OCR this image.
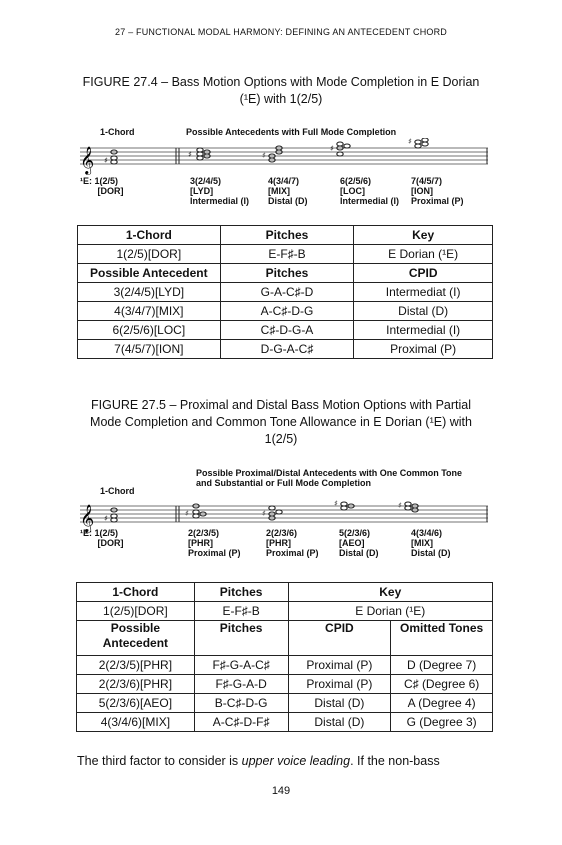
27 – FUNCTIONAL MODAL HARMONY: DEFINING AN ANTECEDENT CHORD
FIGURE 27.4 – Bass Motion Options with Mode Completion in E Dorian
(¹E) with 1(2/5)
1-Chord	Possible Antecedents with Full Mode Completion
𝄞 ♯
♯	♯
♯
♯
¹E: 1(2/5)
[DOR]
3(2/4/5)
[LYD]
Intermedial (I)
4(3/4/7)
[MIX]
Distal (D)
6(2/5/6)
[LOC]
Intermedial (I)
7(4/5/7)
[ION]
Proximal (P)
1-Chord	Pitches	Key
1(2/5)[DOR]	E-F♯-B	E Dorian (¹E)
Possible Antecedent	Pitches	CPID
3(2/4/5)[LYD]	G-A-C♯-D	Intermediat (I)
4(3/4/7)[MIX]	A-C♯-D-G	Distal (D)
6(2/5/6)[LOC]	C♯-D-G-A	Intermedial (I)
7(4/5/7)[ION]	D-G-A-C♯	Proximal (P)
FIGURE 27.5 – Proximal and Distal Bass Motion Options with Partial
Mode Completion and Common Tone Allowance in E Dorian (¹E) with
1(2/5)
Possible Proximal/Distal Antecedents with One Common Tone
and Substantial or Full Mode Completion
1-Chord
𝄞 ♯
♯	♯
♯	♯
¹E: 1(2/5)
[DOR]
2(2/3/5)
[PHR]
Proximal (P)
2(2/3/6)
[PHR]
Proximal (P)
5(2/3/6)
[AEO]
Distal (D)
4(3/4/6)
[MIX]
Distal (D)
1-Chord	Pitches	Key	
1(2/5)[DOR]	E-F♯-B	E Dorian (¹E)	
Possible Antecedent	Pitches	CPID	Omitted Tones
2(2/3/5)[PHR]	F♯-G-A-C♯	Proximal (P)	D (Degree 7)
2(2/3/6)[PHR]	F♯-G-A-D	Proximal (P)	C♯ (Degree 6)
5(2/3/6)[AEO]	B-C♯-D-G	Distal (D)	A (Degree 4)
4(3/4/6)[MIX]	A-C♯-D-F♯	Distal (D)	G (Degree 3)
The third factor to consider is upper voice leading. If the non-bass
149
